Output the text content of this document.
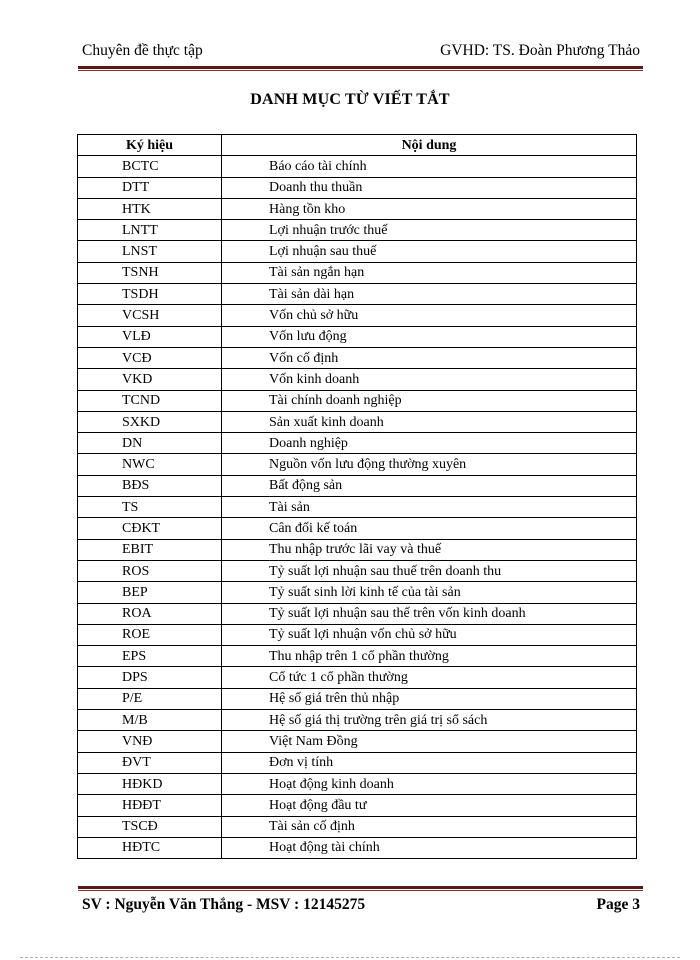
Chuyên đề thực tập	GVHD: TS. Đoàn Phương Thảo
DANH MỤC TỪ VIẾT TẮT
Ký hiệu	Nội dung
BCTC	Báo cáo tài chính
DTT	Doanh thu thuần
HTK	Hàng tồn kho
LNTT	Lợi nhuận trước thuế
LNST	Lợi nhuận sau thuế
TSNH	Tài sản ngắn hạn
TSDH	Tài sản dài hạn
VCSH	Vốn chủ sở hữu
VLĐ	Vốn lưu động
VCĐ	Vốn cố định
VKD	Vốn kinh doanh
TCND	Tài chính doanh nghiệp
SXKD	Sản xuất kinh doanh
DN	Doanh nghiệp
NWC	Nguồn vốn lưu động thường xuyên
BĐS	Bất động sản
TS	Tài sản
CĐKT	Cân đối kế toán
EBIT	Thu nhập trước lãi vay và thuế
ROS	Tỷ suất lợi nhuận sau thuế trên doanh thu
BEP	Tỷ suất sinh lời kinh tế của tài sản
ROA	Tỷ suất lợi nhuận sau thế trên vốn kinh doanh
ROE	Tỷ suất lợi nhuận vốn chủ sở hữu
EPS	Thu nhập trên 1 cổ phần thường
DPS	Cổ tức 1 cổ phần thường
P/E	Hệ số giá trên thủ nhập
M/B	Hệ số giá thị trường trên giá trị sổ sách
VNĐ	Việt Nam Đồng
ĐVT	Đơn vị tính
HĐKD	Hoạt động kinh doanh
HĐĐT	Hoạt động đầu tư
TSCĐ	Tài sản cố định
HĐTC	Hoạt động tài chính
SV : Nguyễn Văn Thắng - MSV : 12145275	Page 3
